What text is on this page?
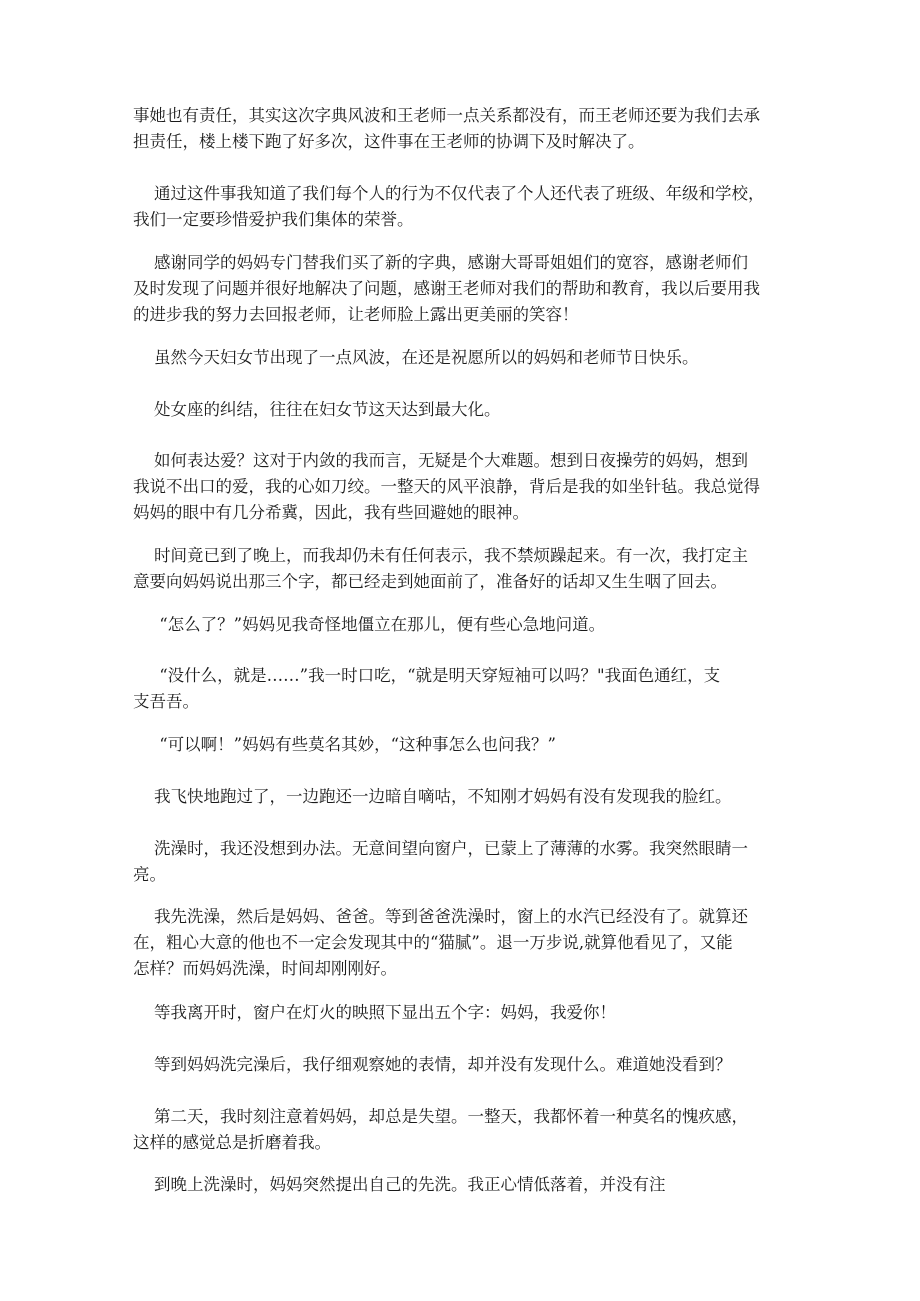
事她也有责任，其实这次字典风波和王老师一点关系都没有，而王老师还要为我们去承
担责任，楼上楼下跑了好多次，这件事在王老师的协调下及时解决了。

通过这件事我知道了我们每个人的行为不仅代表了个人还代表了班级、年级和学校，
我们一定要珍惜爱护我们集体的荣誉。

感谢同学的妈妈专门替我们买了新的字典，感谢大哥哥姐姐们的宽容，感谢老师们
及时发现了问题并很好地解决了问题，感谢王老师对我们的帮助和教育，我以后要用我
的进步我的努力去回报老师，让老师脸上露出更美丽的笑容！

虽然今天妇女节出现了一点风波，在还是祝愿所以的妈妈和老师节日快乐。

处女座的纠结，往往在妇女节这天达到最大化。

如何表达爱？这对于内敛的我而言，无疑是个大难题。想到日夜操劳的妈妈，想到
我说不出口的爱，我的心如刀绞。一整天的风平浪静，背后是我的如坐针毡。我总觉得
妈妈的眼中有几分希冀，因此，我有些回避她的眼神。

时间竟已到了晚上，而我却仍未有任何表示，我不禁烦躁起来。有一次，我打定主
意要向妈妈说出那三个字，都已经走到她面前了，准备好的话却又生生咽了回去。

“怎么了？”妈妈见我奇怪地僵立在那儿，便有些心急地问道。

“没什么，就是……”我一时口吃，“就是明天穿短袖可以吗？"我面色通红，支
支吾吾。

“可以啊！”妈妈有些莫名其妙，“这种事怎么也问我？”

我飞快地跑过了，一边跑还一边暗自嘀咕，不知刚才妈妈有没有发现我的脸红。

洗澡时，我还没想到办法。无意间望向窗户，已蒙上了薄薄的水雾。我突然眼睛一
亮。

我先洗澡，然后是妈妈、爸爸。等到爸爸洗澡时，窗上的水汽已经没有了。就算还
在，粗心大意的他也不一定会发现其中的“猫腻”。退一万步说,就算他看见了，又能
怎样？而妈妈洗澡，时间却刚刚好。

等我离开时，窗户在灯火的映照下显出五个字：妈妈，我爱你！

等到妈妈洗完澡后，我仔细观察她的表情，却并没有发现什么。难道她没看到？

第二天，我时刻注意着妈妈，却总是失望。一整天，我都怀着一种莫名的愧疚感，
这样的感觉总是折磨着我。

到晚上洗澡时，妈妈突然提出自己的先洗。我正心情低落着，并没有注
